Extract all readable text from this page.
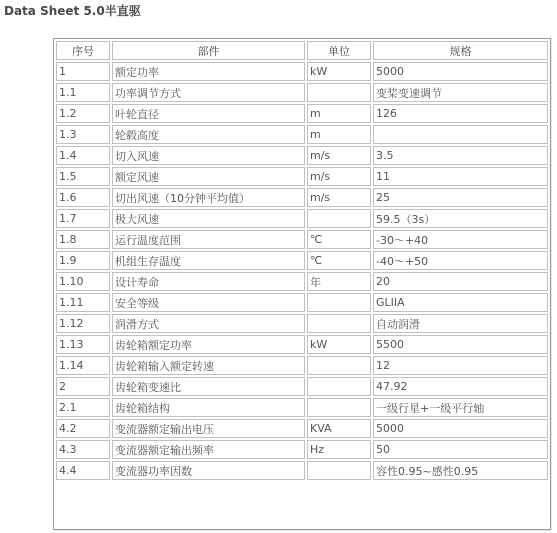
Data Sheet 5.0半直驱
序号	部件	单位	规格
1	额定功率	kW	5000
1.1	功率调节方式		变桨变速调节
1.2	叶轮直径	m	126
1.3	轮毂高度	m	
1.4	切入风速	m/s	3.5
1.5	额定风速	m/s	11
1.6	切出风速（10分钟平均值）	m/s	25
1.7	极大风速		59.5（3s）
1.8	运行温度范围	℃	-30～+40
1.9	机组生存温度	℃	-40～+50
1.10	设计寿命	年	20
1.11	安全等级		GLIIA
1.12	润滑方式		自动润滑
1.13	齿轮箱额定功率	kW	5500
1.14	齿轮箱输入额定转速		12
2	齿轮箱变速比		47.92
2.1	齿轮箱结构		一级行星+一级平行轴
4.2	变流器额定输出电压	KVA	5000
4.3	变流器额定输出频率	Hz	50
4.4	变流器功率因数		容性0.95~感性0.95
